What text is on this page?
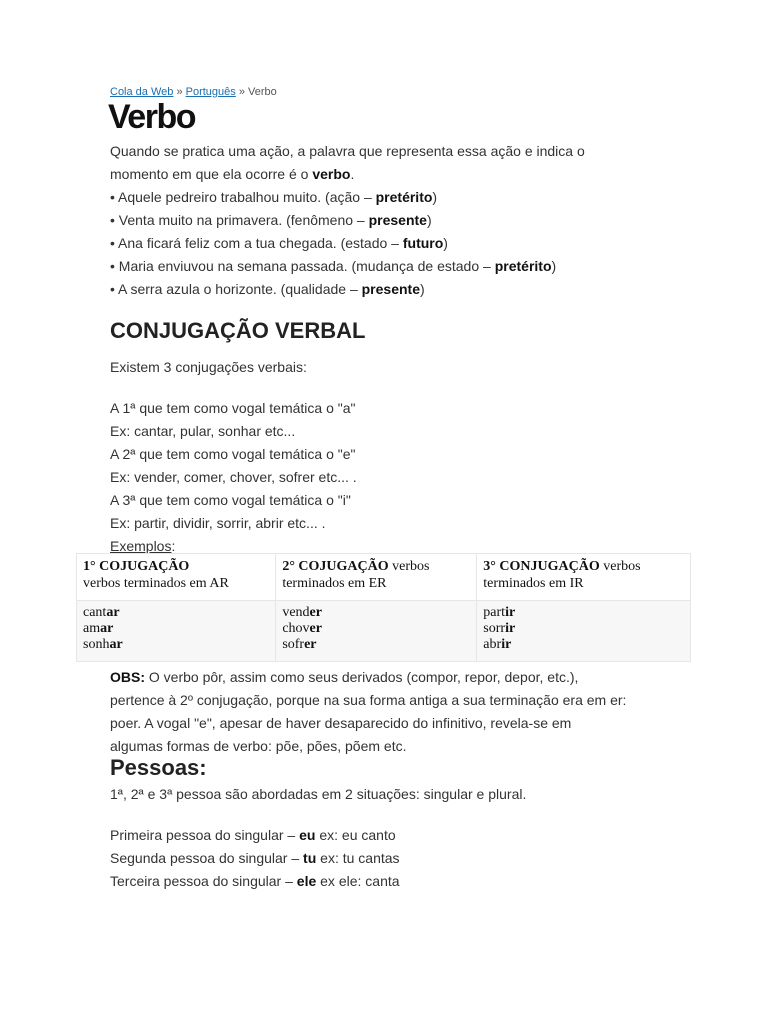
Cola da Web » Português » Verbo
Verbo
Quando se pratica uma ação, a palavra que representa essa ação e indica o
momento em que ela ocorre é o verbo.
• Aquele pedreiro trabalhou muito. (ação – pretérito)
• Venta muito na primavera. (fenômeno – presente)
• Ana ficará feliz com a tua chegada. (estado – futuro)
• Maria enviuvou na semana passada. (mudança de estado – pretérito)
• A serra azula o horizonte. (qualidade – presente)
CONJUGAÇÃO VERBAL
Existem 3 conjugações verbais:
A 1ª que tem como vogal temática o "a"
Ex: cantar, pular, sonhar etc...
A 2ª que tem como vogal temática o "e"
Ex: vender, comer, chover, sofrer etc... .
A 3ª que tem como vogal temática o "i"
Ex: partir, dividir, sorrir, abrir etc... .
Exemplos:
1° COJUGAÇÃO
verbos terminados em AR	2° COJUGAÇÃO verbos
terminados em ER	3° CONJUGAÇÃO verbos
terminados em IR
cantar
amar
sonhar	vender
chover
sofrer	partir
sorrir
abrir
OBS: O verbo pôr, assim como seus derivados (compor, repor, depor, etc.),
pertence à 2º conjugação, porque na sua forma antiga a sua terminação era em er:
poer. A vogal "e", apesar de haver desaparecido do infinitivo, revela-se em
algumas formas de verbo: põe, pões, põem etc.
Pessoas:
1ª, 2ª e 3ª pessoa são abordadas em 2 situações: singular e plural.
Primeira pessoa do singular – eu ex: eu canto
Segunda pessoa do singular – tu ex: tu cantas
Terceira pessoa do singular – ele ex ele: canta
